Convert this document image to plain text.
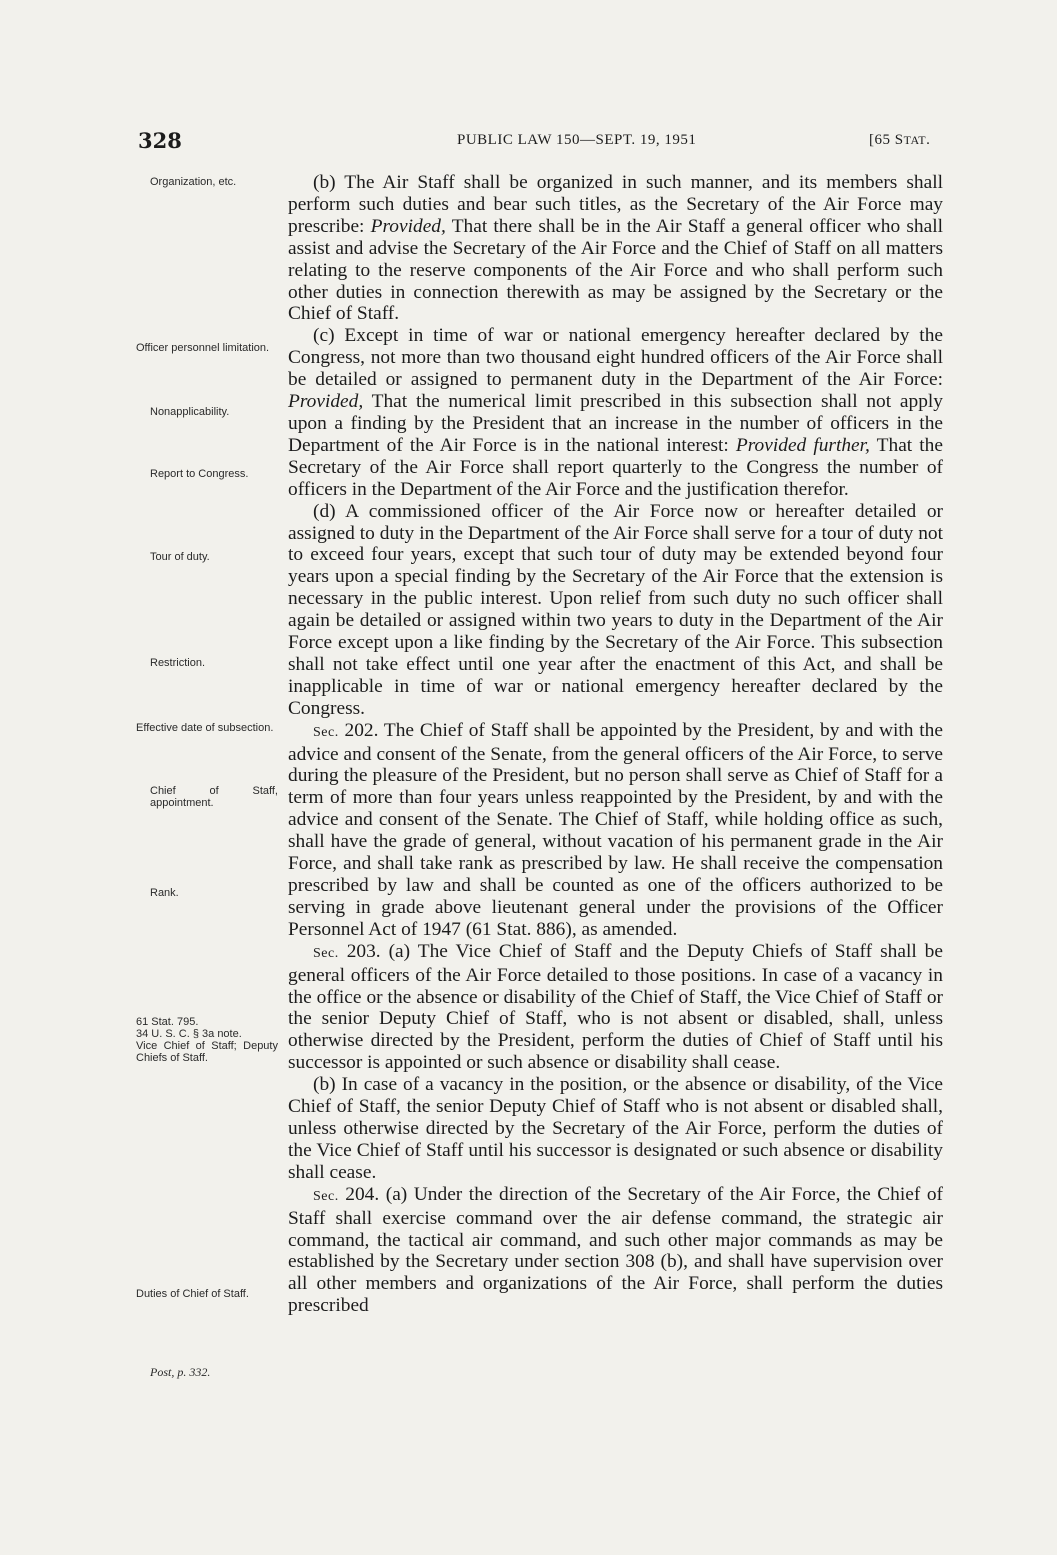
328	PUBLIC LAW 150—SEPT. 19, 1951	[65 STAT.
Organization, etc.
Officer personnel limitation.
Nonapplicability.
Report to Congress.
Tour of duty.
Restriction.
Effective date of subsection.
Chief of Staff, appointment.
Rank.
61 Stat. 795.
34 U. S. C. § 3a note.
Vice Chief of Staff; Deputy Chiefs of Staff.
Duties of Chief of Staff.
Post, p. 332.

(b) The Air Staff shall be organized in such manner, and its members shall perform such duties and bear such titles, as the Secretary of the Air Force may prescribe: Provided, That there shall be in the Air Staff a general officer who shall assist and advise the Secretary of the Air Force and the Chief of Staff on all matters relating to the reserve components of the Air Force and who shall perform such other duties in connection therewith as may be assigned by the Secretary or the Chief of Staff.

(c) Except in time of war or national emergency hereafter declared by the Congress, not more than two thousand eight hundred officers of the Air Force shall be detailed or assigned to permanent duty in the Department of the Air Force: Provided, That the numerical limit prescribed in this subsection shall not apply upon a finding by the President that an increase in the number of officers in the Department of the Air Force is in the national interest: Provided further, That the Secretary of the Air Force shall report quarterly to the Congress the number of officers in the Department of the Air Force and the justification therefor.

(d) A commissioned officer of the Air Force now or hereafter detailed or assigned to duty in the Department of the Air Force shall serve for a tour of duty not to exceed four years, except that such tour of duty may be extended beyond four years upon a special finding by the Secretary of the Air Force that the extension is necessary in the public interest. Upon relief from such duty no such officer shall again be detailed or assigned within two years to duty in the Department of the Air Force except upon a like finding by the Secretary of the Air Force. This subsection shall not take effect until one year after the enactment of this Act, and shall be inapplicable in time of war or national emergency hereafter declared by the Congress.

Sec. 202. The Chief of Staff shall be appointed by the President, by and with the advice and consent of the Senate, from the general officers of the Air Force, to serve during the pleasure of the President, but no person shall serve as Chief of Staff for a term of more than four years unless reappointed by the President, by and with the advice and consent of the Senate. The Chief of Staff, while holding office as such, shall have the grade of general, without vacation of his permanent grade in the Air Force, and shall take rank as prescribed by law. He shall receive the compensation prescribed by law and shall be counted as one of the officers authorized to be serving in grade above lieutenant general under the provisions of the Officer Personnel Act of 1947 (61 Stat. 886), as amended.

Sec. 203. (a) The Vice Chief of Staff and the Deputy Chiefs of Staff shall be general officers of the Air Force detailed to those positions. In case of a vacancy in the office or the absence or disability of the Chief of Staff, the Vice Chief of Staff or the senior Deputy Chief of Staff, who is not absent or disabled, shall, unless otherwise directed by the President, perform the duties of Chief of Staff until his successor is appointed or such absence or disability shall cease.

(b) In case of a vacancy in the position, or the absence or disability, of the Vice Chief of Staff, the senior Deputy Chief of Staff who is not absent or disabled shall, unless otherwise directed by the Secretary of the Air Force, perform the duties of the Vice Chief of Staff until his successor is designated or such absence or disability shall cease.

Sec. 204. (a) Under the direction of the Secretary of the Air Force, the Chief of Staff shall exercise command over the air defense command, the strategic air command, the tactical air command, and such other major commands as may be established by the Secretary under section 308 (b), and shall have supervision over all other members and organizations of the Air Force, shall perform the duties prescribed
